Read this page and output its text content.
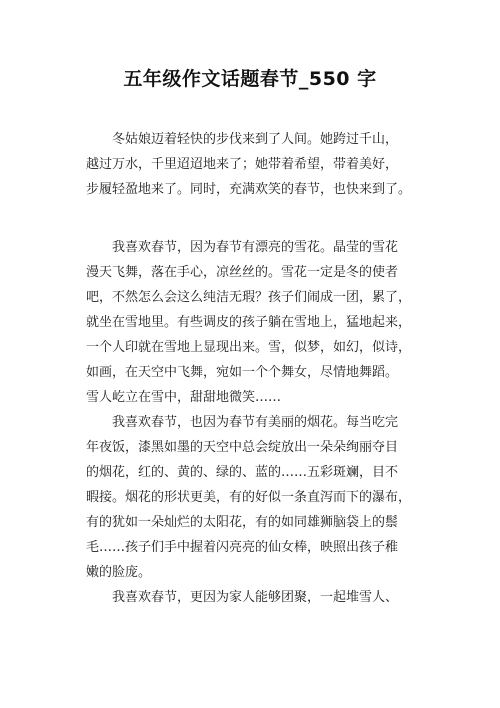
五年级作文话题春节_550 字
冬姑娘迈着轻快的步伐来到了人间。她跨过千山，
越过万水，千里迢迢地来了；她带着希望，带着美好，
步履轻盈地来了。同时，充满欢笑的春节，也快来到了。
我喜欢春节，因为春节有漂亮的雪花。晶莹的雪花
漫天飞舞，落在手心，凉丝丝的。雪花一定是冬的使者
吧，不然怎么会这么纯洁无瑕？孩子们闹成一团，累了，
就坐在雪地里。有些调皮的孩子躺在雪地上，猛地起来，
一个人印就在雪地上显现出来。雪，似梦，如幻，似诗，
如画，在天空中飞舞，宛如一个个舞女，尽情地舞蹈。
雪人屹立在雪中，甜甜地微笑……
我喜欢春节，也因为春节有美丽的烟花。每当吃完
年夜饭，漆黑如墨的天空中总会绽放出一朵朵绚丽夺目
的烟花，红的、黄的、绿的、蓝的……五彩斑斓，目不
暇接。烟花的形状更美，有的好似一条直泻而下的瀑布，
有的犹如一朵灿烂的太阳花，有的如同雄狮脑袋上的鬃
毛……孩子们手中握着闪亮亮的仙女棒，映照出孩子稚
嫩的脸庞。
我喜欢春节，更因为家人能够团聚，一起堆雪人、
